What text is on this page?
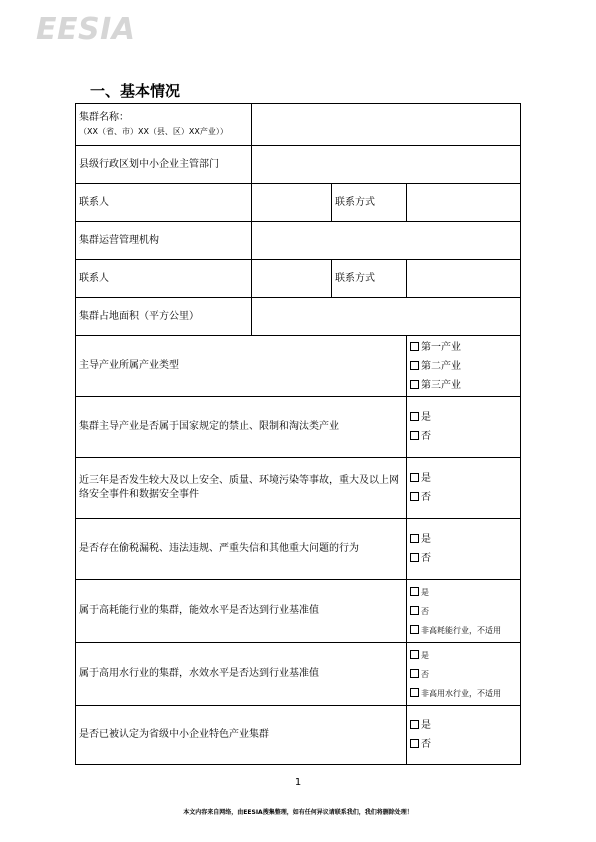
EESIA
一、基本情况
集群名称：
（XX（省、市）XX（县、区）XX产业））			

县级行政区划中小企业主管部门			
联系人		联系方式	
集群运营管理机构			
联系人		联系方式	
集群占地面积（平方公里）			
主导产业所属产业类型			第一产业
第二产业
第三产业

集群主导产业是否属于国家规定的禁止、限制和淘汰类产业			是
否

近三年是否发生较大及以上安全、质量、环境污染等事故，重大及以上网络安全事件和数据安全事件			是
否

是否存在偷税漏税、违法违规、严重失信和其他重大问题的行为			是
否

属于高耗能行业的集群，能效水平是否达到行业基准值			是
否
非高耗能行业，不适用

属于高用水行业的集群，水效水平是否达到行业基准值			是
否
非高用水行业，不适用

是否已被认定为省级中小企业特色产业集群			是
否
1
本文内容来自网络，由EESIA搜集整理，如有任何异议请联系我们，我们将删除处理！
